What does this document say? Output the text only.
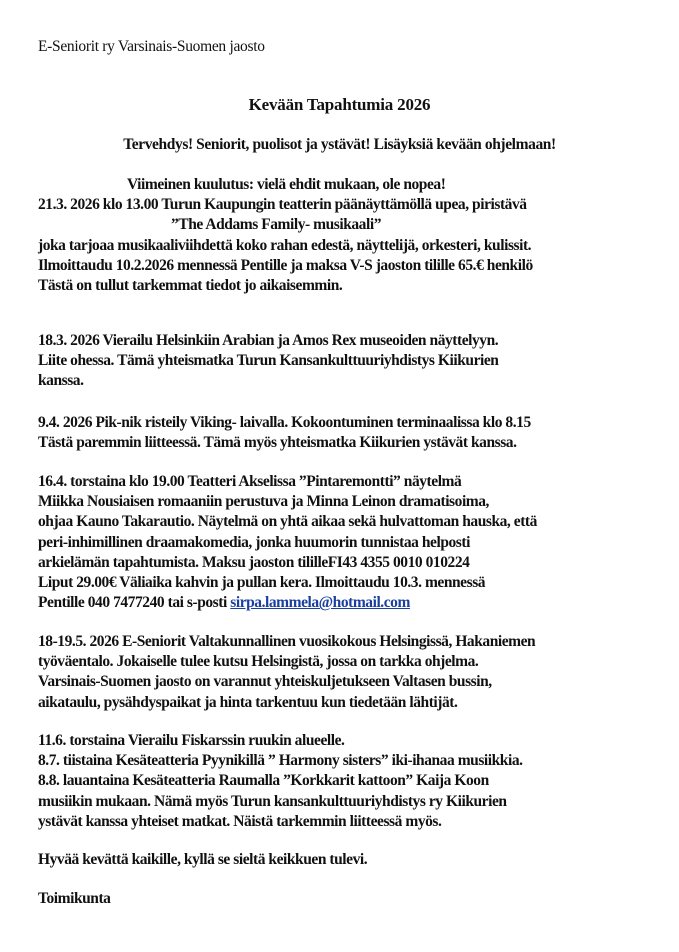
E-Seniorit ry Varsinais-Suomen jaosto
Kevään Tapahtumia 2026
Tervehdys! Seniorit, puolisot ja ystävät! Lisäyksiä kevään ohjelmaan!
Viimeinen kuulutus: vielä ehdit mukaan, ole nopea!
21.3. 2026 klo 13.00 Turun Kaupungin teatterin päänäyttämöllä upea, piristävä
”The Addams Family- musikaali”
joka tarjoaa musikaaliviihdettä koko rahan edestä, näyttelijä, orkesteri, kulissit.
Ilmoittaudu 10.2.2026 mennessä Pentille ja maksa V-S jaoston tilille 65.€ henkilö
Tästä on tullut tarkemmat tiedot jo aikaisemmin.
18.3. 2026 Vierailu Helsinkiin Arabian ja Amos Rex museoiden näyttelyyn.
Liite ohessa. Tämä yhteismatka Turun Kansankulttuuriyhdistys Kiikurien
kanssa.
9.4. 2026 Pik-nik risteily Viking- laivalla. Kokoontuminen terminaalissa klo 8.15
Tästä paremmin liitteessä. Tämä myös yhteismatka Kiikurien ystävät kanssa.
16.4. torstaina klo 19.00 Teatteri Akselissa ”Pintaremontti” näytelmä
Miikka Nousiaisen romaaniin perustuva ja Minna Leinon dramatisoima,
ohjaa Kauno Takarautio. Näytelmä on yhtä aikaa sekä hulvattoman hauska, että
peri-inhimillinen draamakomedia, jonka huumorin tunnistaa helposti
arkielämän tapahtumista. Maksu jaoston tililleFI43 4355 0010 010224
Liput 29.00€ Väliaika kahvin ja pullan kera. Ilmoittaudu 10.3. mennessä
Pentille 040 7477240 tai s-posti sirpa.lammela@hotmail.com
18-19.5. 2026 E-Seniorit Valtakunnallinen vuosikokous Helsingissä, Hakaniemen
työväentalo. Jokaiselle tulee kutsu Helsingistä, jossa on tarkka ohjelma.
Varsinais-Suomen jaosto on varannut yhteiskuljetukseen Valtasen bussin,
aikataulu, pysähdyspaikat ja hinta tarkentuu kun tiedetään lähtijät.
11.6. torstaina Vierailu Fiskarssin ruukin alueelle.
8.7. tiistaina Kesäteatteria Pyynikillä ” Harmony sisters” iki-ihanaa musiikkia.
8.8. lauantaina Kesäteatteria Raumalla ”Korkkarit kattoon” Kaija Koon
musiikin mukaan. Nämä myös Turun kansankulttuuriyhdistys ry Kiikurien
ystävät kanssa yhteiset matkat. Näistä tarkemmin liitteessä myös.
Hyvää kevättä kaikille, kyllä se sieltä keikkuen tulevi.
Toimikunta
